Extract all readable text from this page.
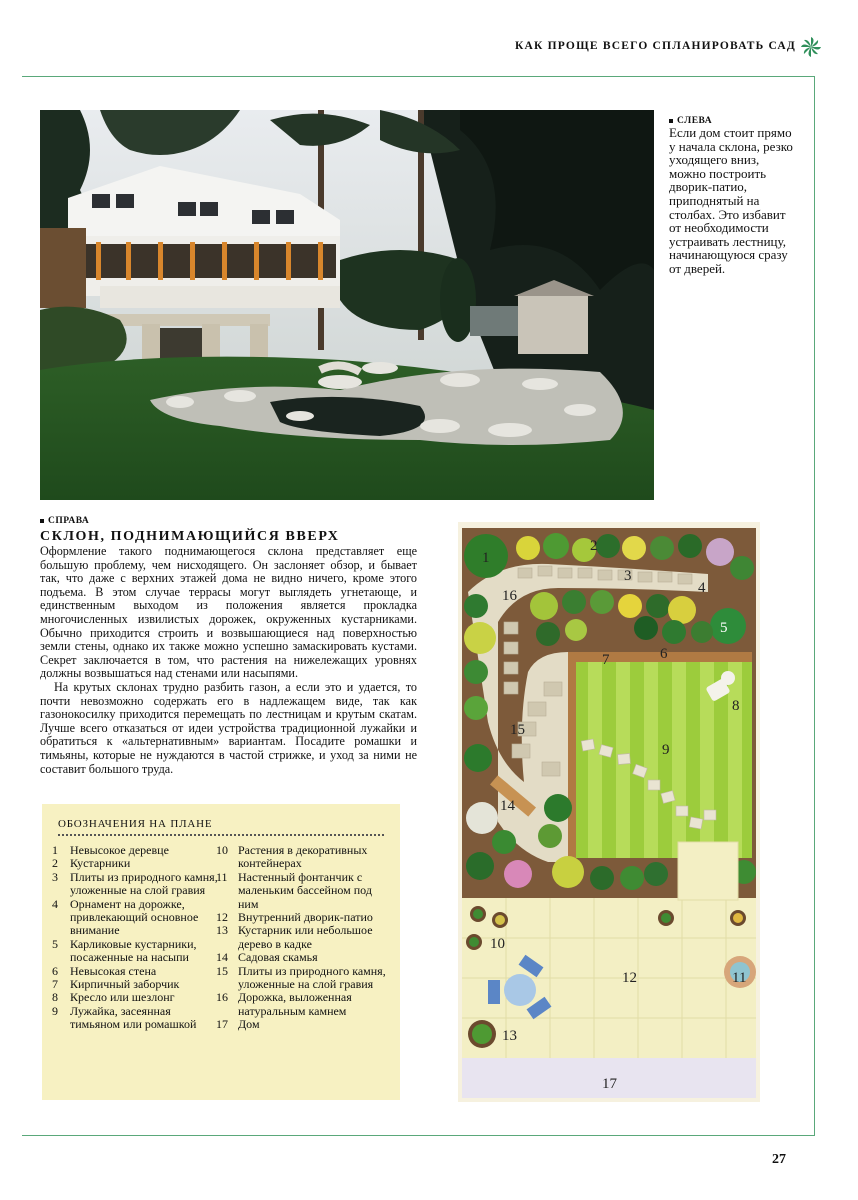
КАК ПРОЩЕ ВСЕГО СПЛАНИРОВАТЬ САД
СЛЕВА
Если дом стоит прямо у начала склона, резко уходящего вниз, можно построить дворик-патио, приподнятый на столбах. Это избавит от необходимости устраивать лестницу, начинающуюся сразу от дверей.
СПРАВА
СКЛОН, ПОДНИМАЮЩИЙСЯ ВВЕРХ

Оформление такого поднимающегося склона представляет еще большую проблему, чем нисходящего. Он заслоняет обзор, и бывает так, что даже с верхних этажей дома не видно ничего, кроме этого подъема. В этом случае террасы могут выглядеть угнетающе, и единственным выходом из положения является прокладка многочисленных извилистых дорожек, окруженных кустарниками. Обычно приходится строить и возвышающиеся над поверхностью земли стены, однако их также можно успешно замаскировать кустами. Секрет заключается в том, что растения на нижележащих уровнях должны возвышаться над стенами или насыпями.

На крутых склонах трудно разбить газон, а если это и удается, то почти невозможно содержать его в надлежащем виде, так как газонокосилку приходится перемещать по лестницам и крутым скатам. Лучше всего отказаться от идеи устройства традиционной лужайки и обратиться к «альтернативным» вариантам. Посадите ромашки и тимьяны, которые не нуждаются в частой стрижке, и уход за ними не составит большого труда.

ОБОЗНАЧЕНИЯ НА ПЛАНЕ
1	Невысокое деревце
2	Кустарники
3	Плиты из природного камня, уложенные на слой гравия
4	Орнамент на дорожке, привлекающий основное внимание
5	Карликовые кустарники, посаженные на насыпи
6	Невысокая стена
7	Кирпичный заборчик
8	Кресло или шезлонг
9	Лужайка, засеянная тимьяном или ромашкой
10 Растения в декоративных контейнерах
11 Настенный фонтанчик с маленьким бассейном под ним
12 Внутренний дворик-патио
13 Кустарник или небольшое дерево в кадке
14 Садовая скамья
15 Плиты из природного камня, уложенные на слой гравия
16 Дорожка, выложенная натуральным камнем
17 Дом
1
2
3
4
5
6
7
8
9
10
11
12
13
14
15
16
17
27
